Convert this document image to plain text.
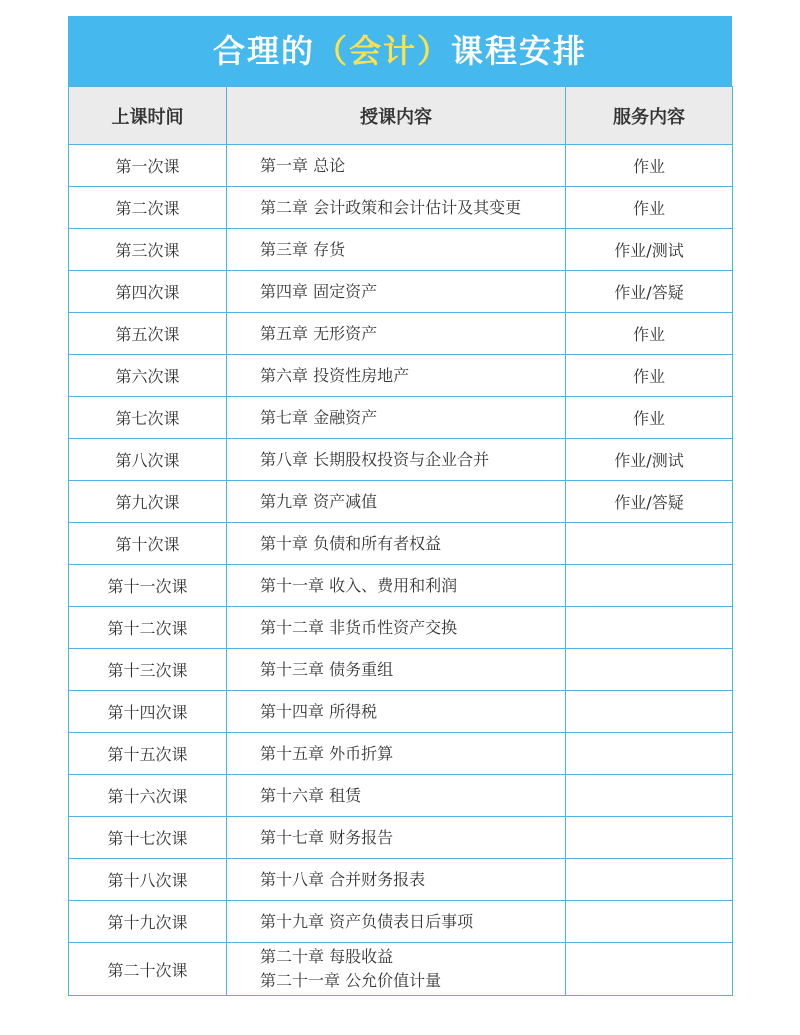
合理的（会计）课程安排
上课时间	授课内容	服务内容
第一次课	第一章 总论	作业
第二次课	第二章 会计政策和会计估计及其变更	作业
第三次课	第三章 存货	作业/测试
第四次课	第四章 固定资产	作业/答疑
第五次课	第五章 无形资产	作业
第六次课	第六章 投资性房地产	作业
第七次课	第七章 金融资产	作业
第八次课	第八章 长期股权投资与企业合并	作业/测试
第九次课	第九章 资产减值	作业/答疑
第十次课	第十章 负债和所有者权益	

第十一次课	第十一章 收入、费用和利润	

第十二次课	第十二章 非货币性资产交换	

第十三次课	第十三章 债务重组	

第十四次课	第十四章 所得税	

第十五次课	第十五章 外币折算	

第十六次课	第十六章 租赁	

第十七次课	第十七章 财务报告	

第十八次课	第十八章 合并财务报表	

第十九次课	第十九章 资产负债表日后事项	

第二十次课	第二十章 每股收益
第二十一章 公允价值计量	
